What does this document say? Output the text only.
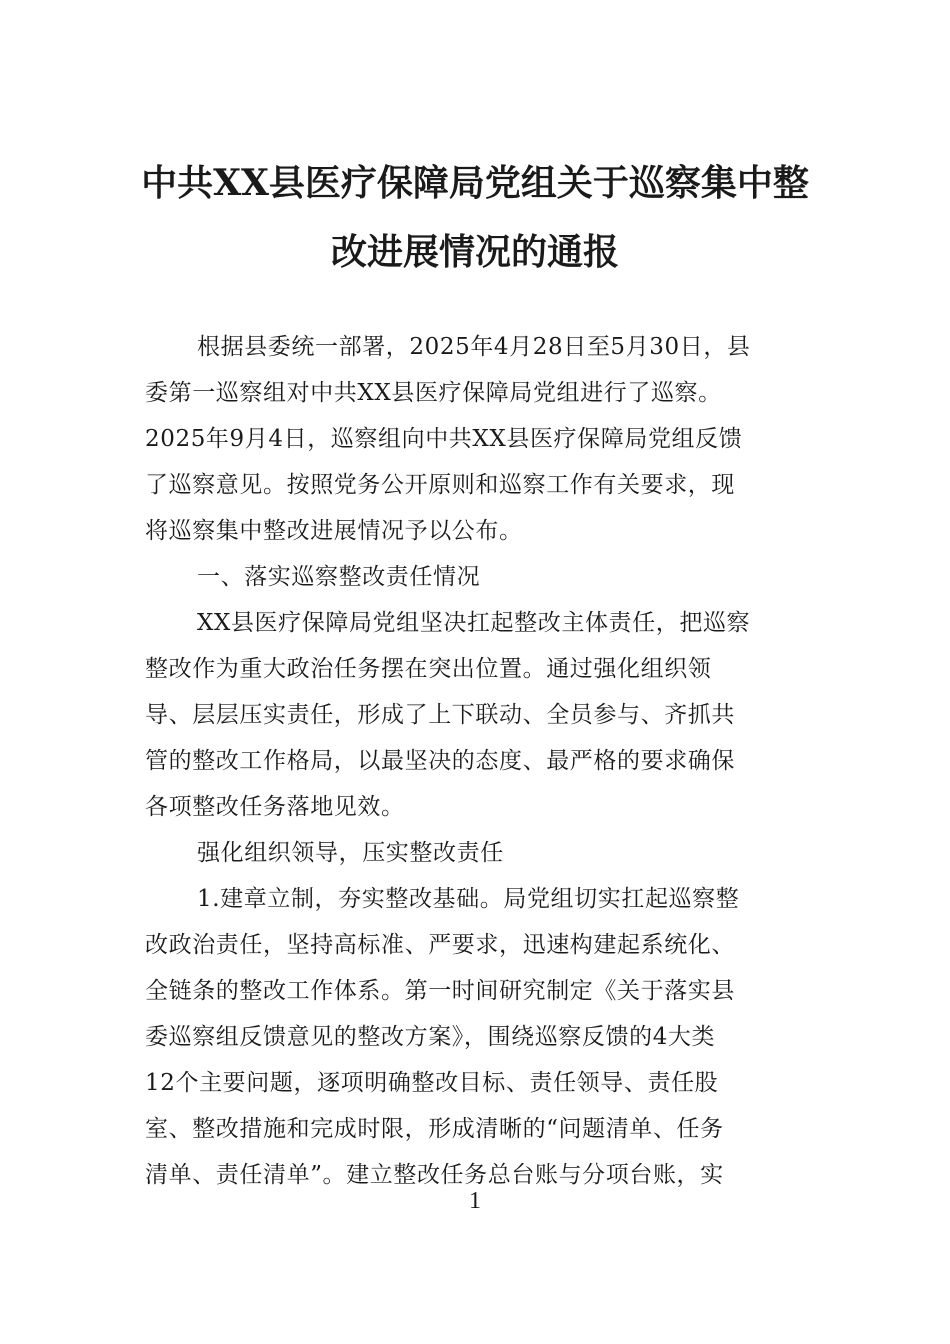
中共XX县医疗保障局党组关于巡察集中整
改进展情况的通报
根据县委统一部署，2025年4月28日至5月30日，县
委第一巡察组对中共XX县医疗保障局党组进行了巡察。
2025年9月4日，巡察组向中共XX县医疗保障局党组反馈
了巡察意见。按照党务公开原则和巡察工作有关要求，现
将巡察集中整改进展情况予以公布。
一、落实巡察整改责任情况
XX县医疗保障局党组坚决扛起整改主体责任，把巡察
整改作为重大政治任务摆在突出位置。通过强化组织领
导、层层压实责任，形成了上下联动、全员参与、齐抓共
管的整改工作格局，以最坚决的态度、最严格的要求确保
各项整改任务落地见效。
强化组织领导，压实整改责任
1.建章立制，夯实整改基础。局党组切实扛起巡察整
改政治责任，坚持高标准、严要求，迅速构建起系统化、
全链条的整改工作体系。第一时间研究制定《关于落实县
委巡察组反馈意见的整改方案》，围绕巡察反馈的4大类
12个主要问题，逐项明确整改目标、责任领导、责任股
室、整改措施和完成时限，形成清晰的“问题清单、任务
清单、责任清单”。建立整改任务总台账与分项台账，实
1
